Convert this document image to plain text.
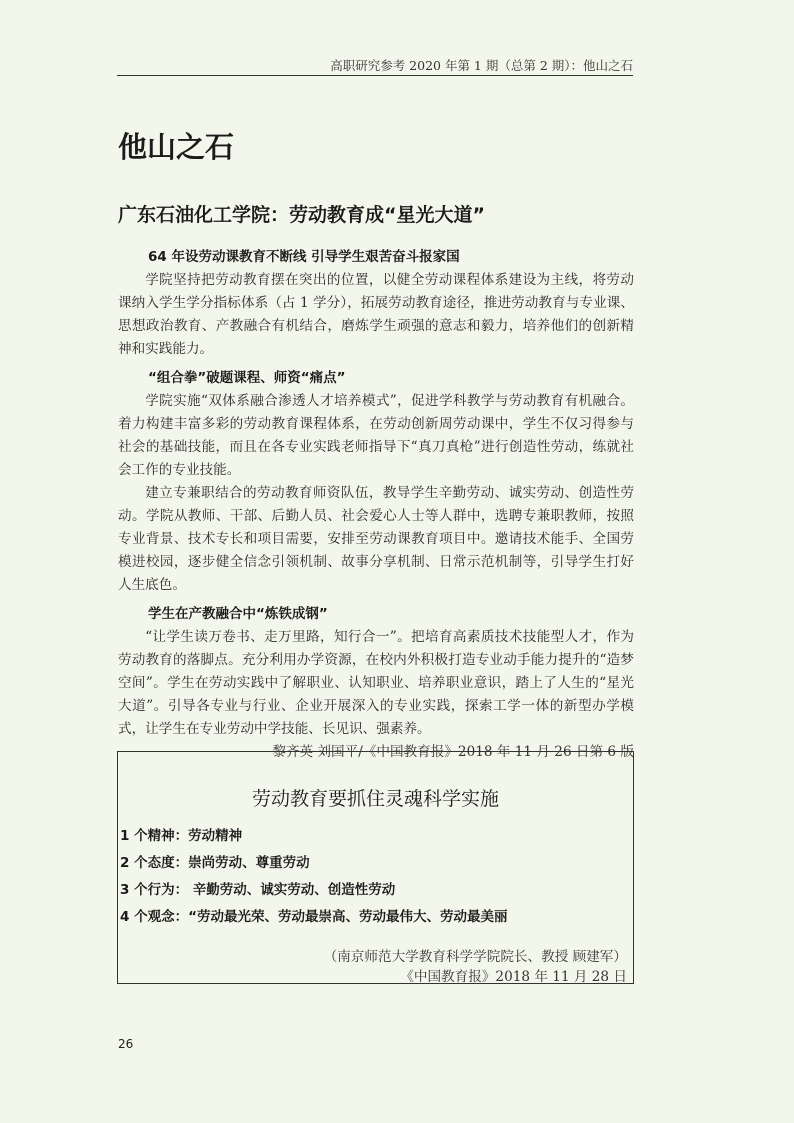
高职研究参考 2020 年第 1 期（总第 2 期）：他山之石
他山之石
广东石油化工学院：劳动教育成“星光大道”
64 年设劳动课教育不断线 引导学生艰苦奋斗报家国

学院坚持把劳动教育摆在突出的位置，以健全劳动课程体系建设为主线，将劳动课纳入学生学分指标体系（占 1 学分），拓展劳动教育途径，推进劳动教育与专业课、思想政治教育、产教融合有机结合，磨炼学生顽强的意志和毅力，培养他们的创新精神和实践能力。

“组合拳”破题课程、师资“痛点”

学院实施“双体系融合渗透人才培养模式”，促进学科教学与劳动教育有机融合。着力构建丰富多彩的劳动教育课程体系，在劳动创新周劳动课中，学生不仅习得参与社会的基础技能，而且在各专业实践老师指导下“真刀真枪”进行创造性劳动，练就社会工作的专业技能。

建立专兼职结合的劳动教育师资队伍，教导学生辛勤劳动、诚实劳动、创造性劳动。学院从教师、干部、后勤人员、社会爱心人士等人群中，选聘专兼职教师，按照专业背景、技术专长和项目需要，安排至劳动课教育项目中。邀请技术能手、全国劳模进校园，逐步健全信念引领机制、故事分享机制、日常示范机制等，引导学生打好人生底色。

学生在产教融合中“炼铁成钢”

“让学生读万卷书、走万里路，知行合一”。把培育高素质技术技能型人才，作为劳动教育的落脚点。充分利用办学资源，在校内外积极打造专业动手能力提升的“造梦空间”。学生在劳动实践中了解职业、认知职业、培养职业意识，踏上了人生的“星光大道”。引导各专业与行业、企业开展深入的专业实践，探索工学一体的新型办学模式，让学生在专业劳动中学技能、长见识、强素养。

黎齐英 刘国平/《中国教育报》2018 年 11 月 26 日第 6 版
劳动教育要抓住灵魂科学实施
1 个精神：劳动精神
2 个态度：崇尚劳动、尊重劳动
3 个行为： 辛勤劳动、诚实劳动、创造性劳动
4 个观念：“劳动最光荣、劳动最崇高、劳动最伟大、劳动最美丽
（南京师范大学教育科学学院院长、教授 顾建军）
《中国教育报》2018 年 11 月 28 日
26
